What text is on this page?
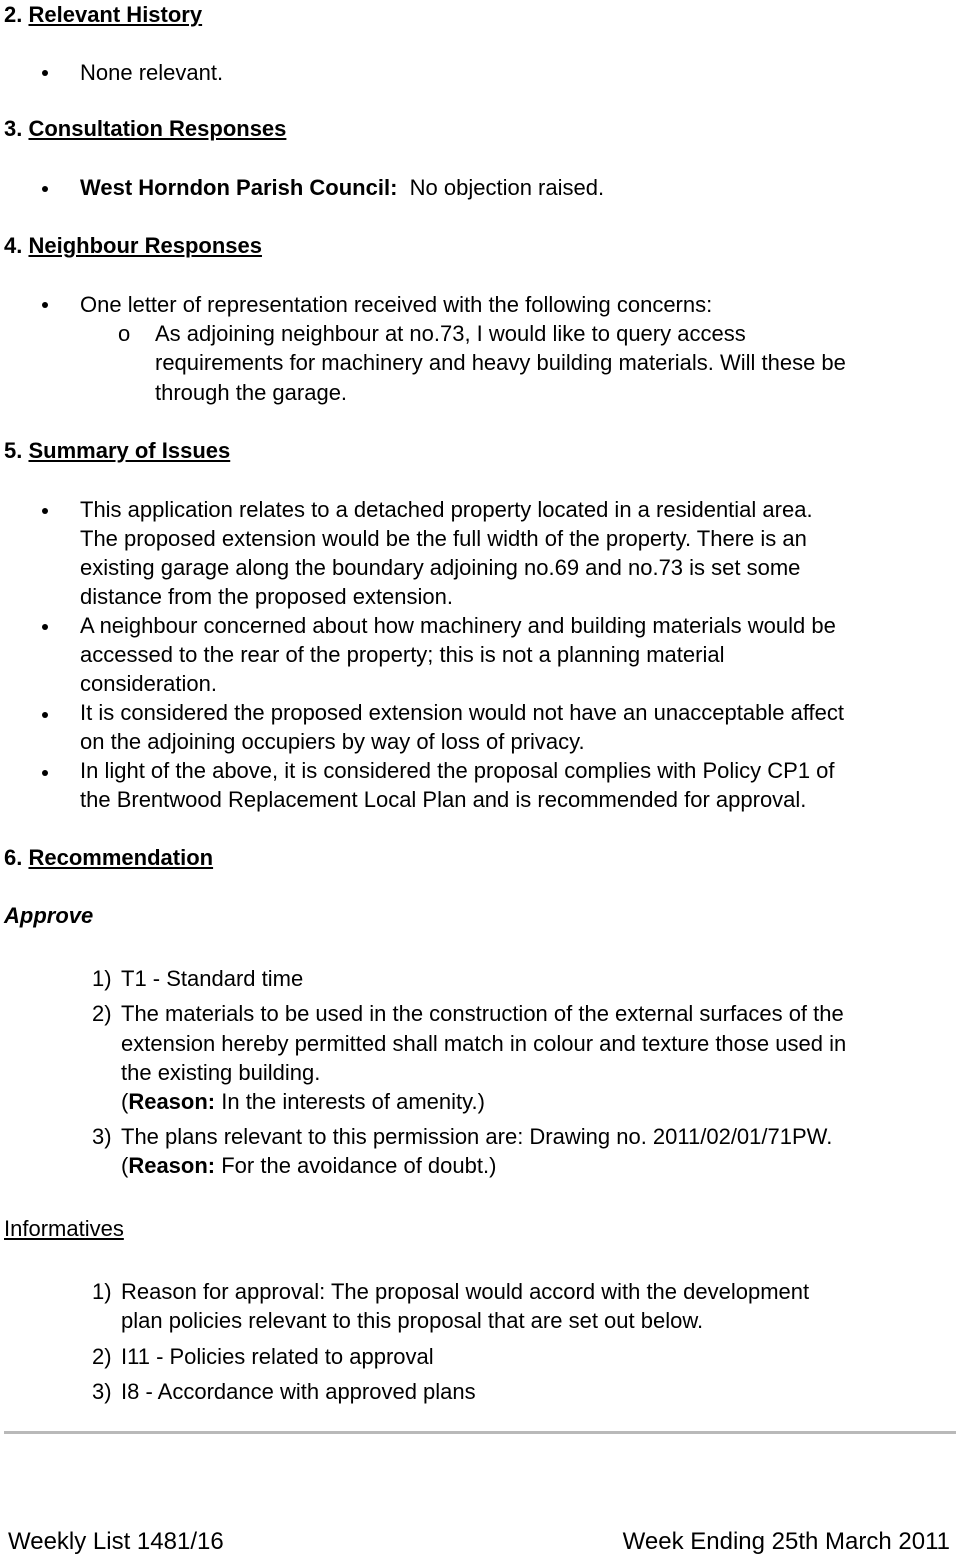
2. Relevant History
None relevant.
3. Consultation Responses
West Horndon Parish Council: No objection raised.
4. Neighbour Responses
One letter of representation received with the following concerns:
o As adjoining neighbour at no.73, I would like to query access
requirements for machinery and heavy building materials. Will these be
through the garage.
5. Summary of Issues
This application relates to a detached property located in a residential area.
The proposed extension would be the full width of the property. There is an
existing garage along the boundary adjoining no.69 and no.73 is set some
distance from the proposed extension.
A neighbour concerned about how machinery and building materials would be
accessed to the rear of the property; this is not a planning material
consideration.
It is considered the proposed extension would not have an unacceptable affect
on the adjoining occupiers by way of loss of privacy.
In light of the above, it is considered the proposal complies with Policy CP1 of
the Brentwood Replacement Local Plan and is recommended for approval.
6. Recommendation
Approve
1) T1 - Standard time
2) The materials to be used in the construction of the external surfaces of the
extension hereby permitted shall match in colour and texture those used in
the existing building.
(Reason: In the interests of amenity.)
3) The plans relevant to this permission are: Drawing no. 2011/02/01/71PW.
(Reason: For the avoidance of doubt.)
Informatives
1) Reason for approval: The proposal would accord with the development
plan policies relevant to this proposal that are set out below.
2) I11 - Policies related to approval
3) I8 - Accordance with approved plans
Weekly List 1481/16	Week Ending 25th March 2011
